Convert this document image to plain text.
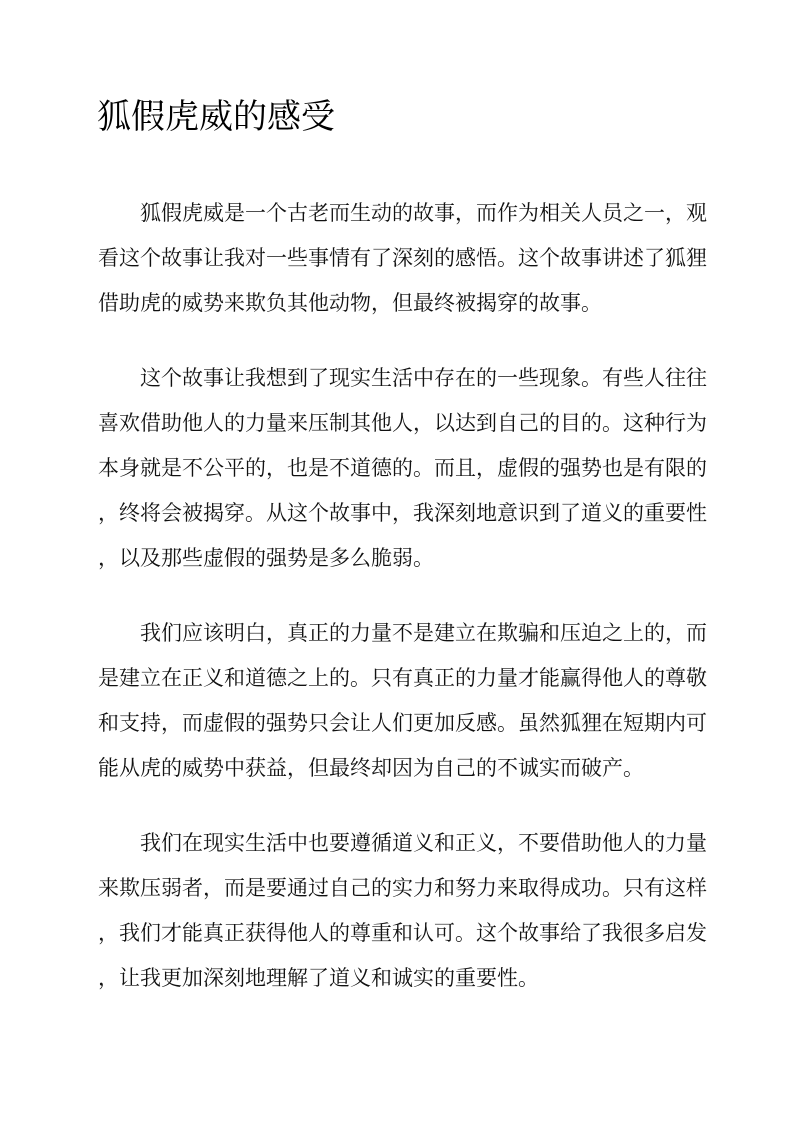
狐假虎威的感受

狐假虎威是一个古老而生动的故事，而作为相关人员之一，观
看这个故事让我对一些事情有了深刻的感悟。这个故事讲述了狐狸
借助虎的威势来欺负其他动物，但最终被揭穿的故事。

这个故事让我想到了现实生活中存在的一些现象。有些人往往
喜欢借助他人的力量来压制其他人，以达到自己的目的。这种行为
本身就是不公平的，也是不道德的。而且，虚假的强势也是有限的
，终将会被揭穿。从这个故事中，我深刻地意识到了道义的重要性
，以及那些虚假的强势是多么脆弱。

我们应该明白，真正的力量不是建立在欺骗和压迫之上的，而
是建立在正义和道德之上的。只有真正的力量才能赢得他人的尊敬
和支持，而虚假的强势只会让人们更加反感。虽然狐狸在短期内可
能从虎的威势中获益，但最终却因为自己的不诚实而破产。

我们在现实生活中也要遵循道义和正义，不要借助他人的力量
来欺压弱者，而是要通过自己的实力和努力来取得成功。只有这样
，我们才能真正获得他人的尊重和认可。这个故事给了我很多启发
，让我更加深刻地理解了道义和诚实的重要性。
